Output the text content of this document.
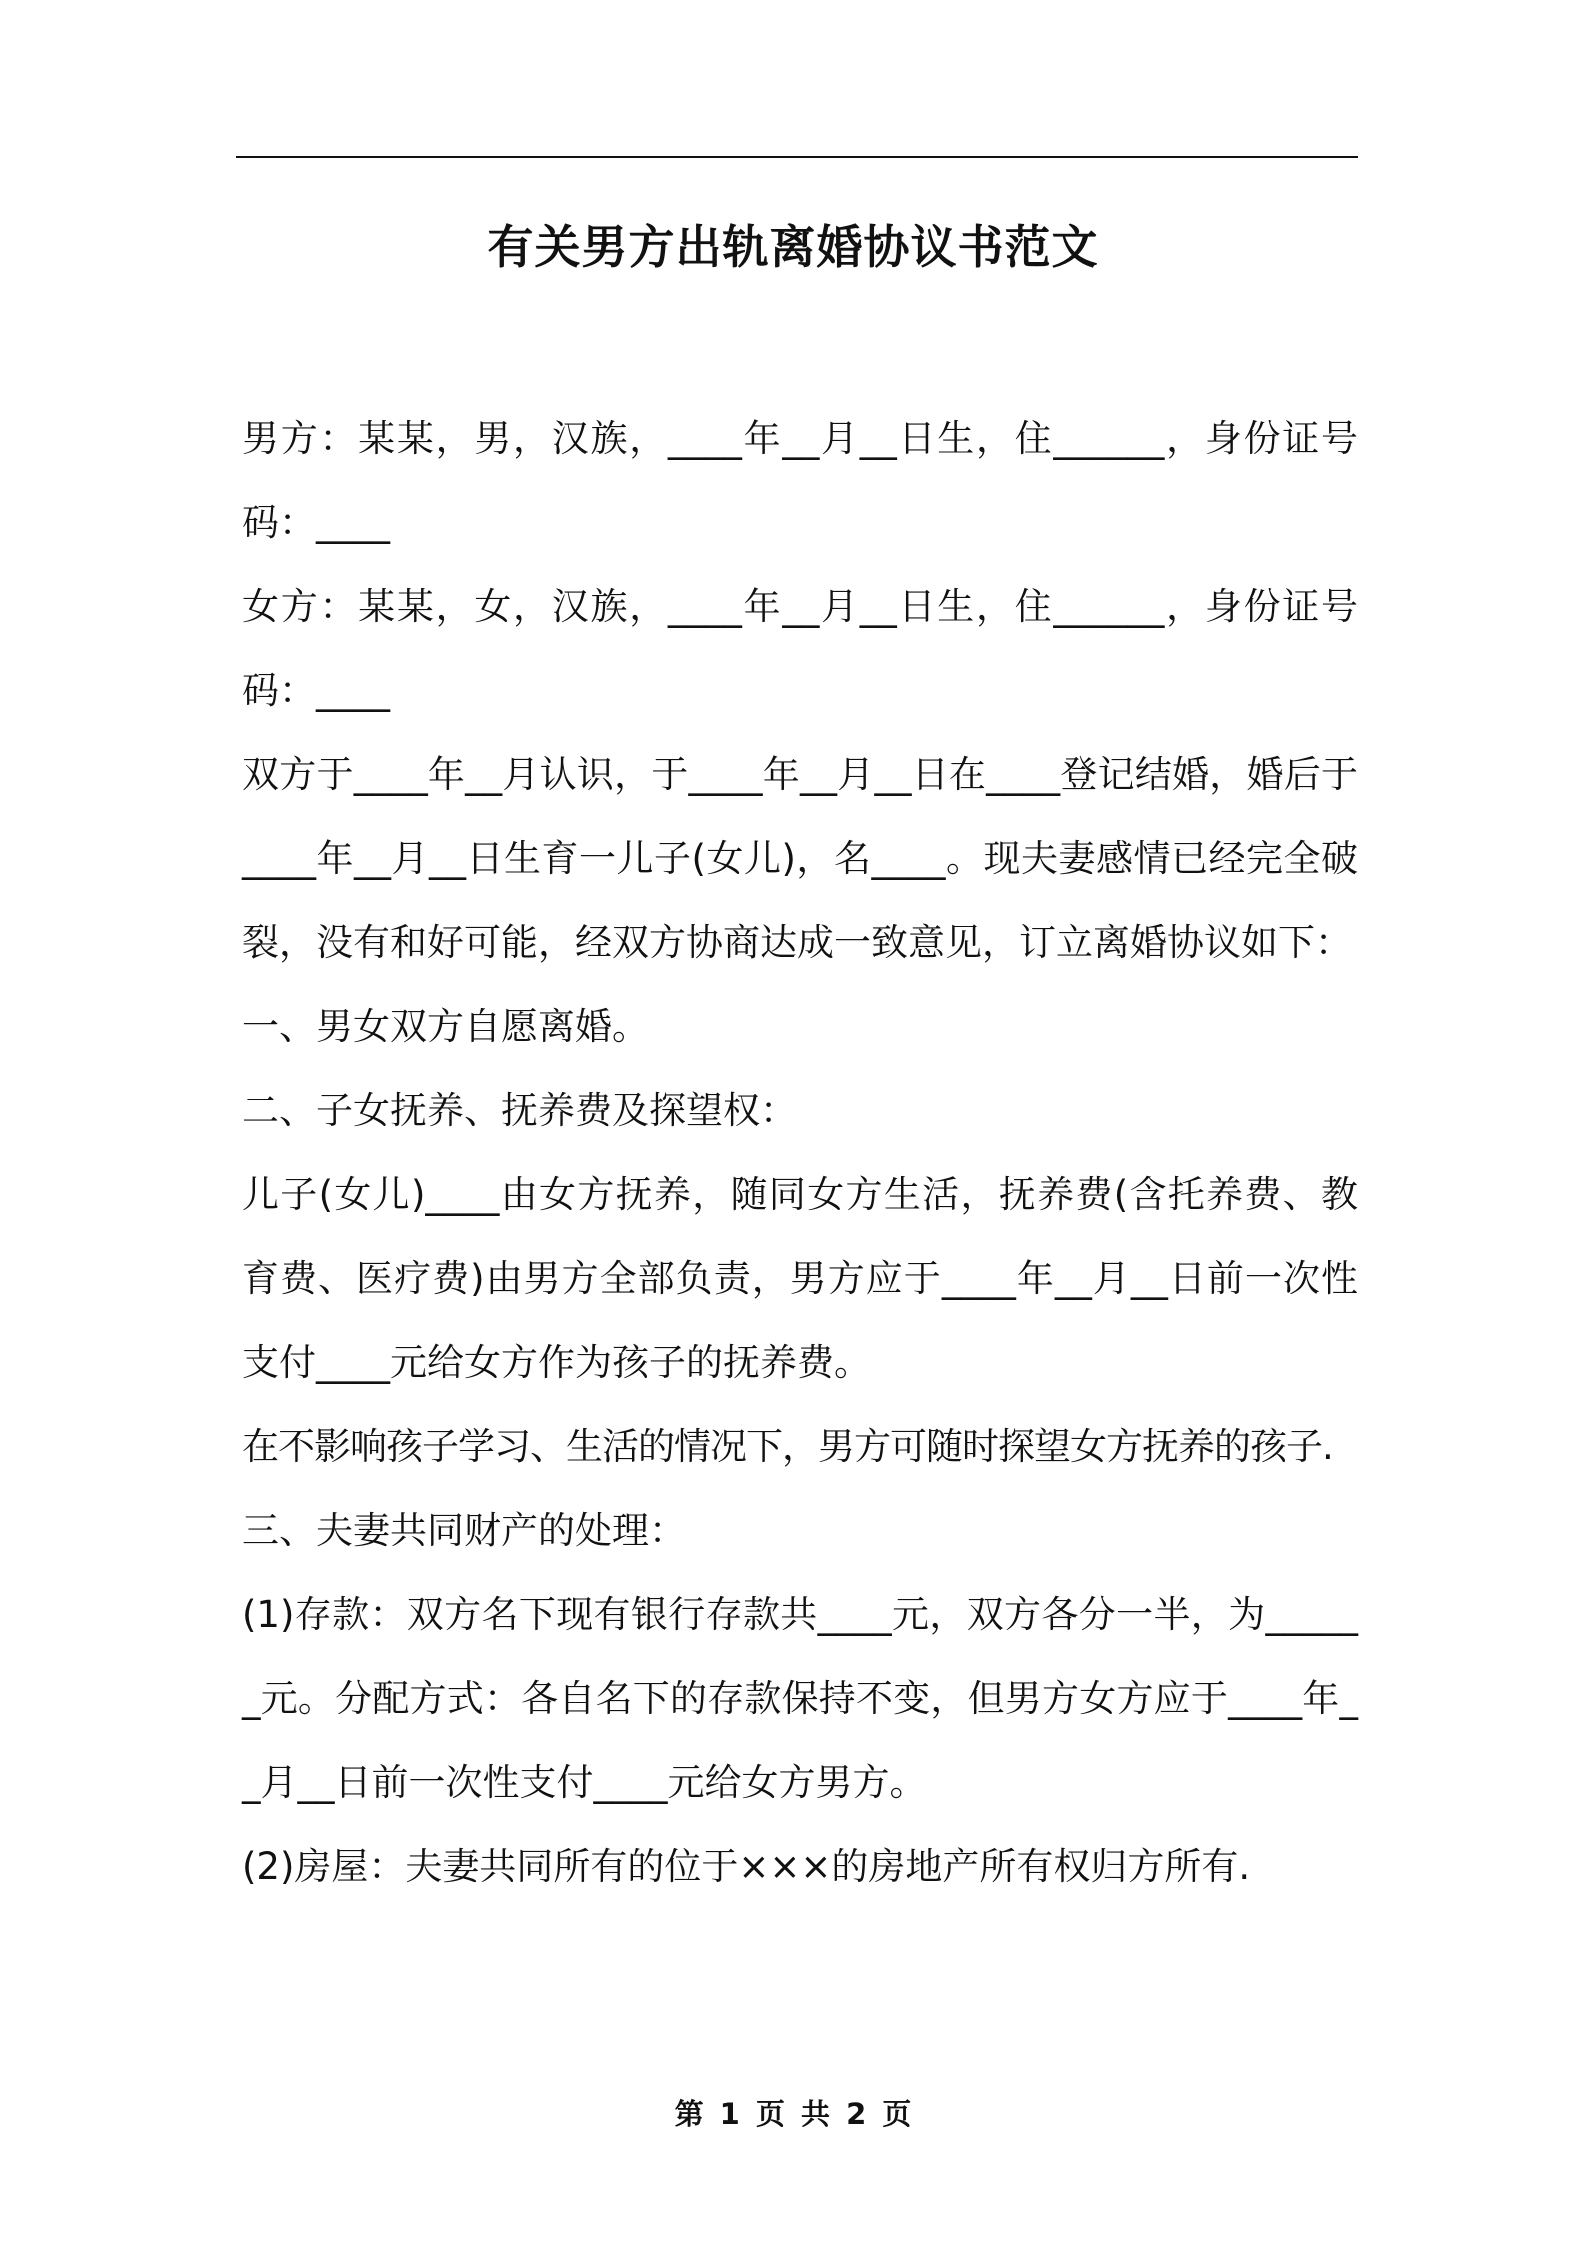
有关男方出轨离婚协议书范文

男方：某某，男，汉族，____年__月__日生，住______，身份证号码：____

女方：某某，女，汉族，____年__月__日生，住______，身份证号码：____

双方于____年__月认识，于____年__月__日在____登记结婚，婚后于____年__月__日生育一儿子(女儿)，名____。现夫妻感情已经完全破裂，没有和好可能，经双方协商达成一致意见，订立离婚协议如下：

一、男女双方自愿离婚。

二、子女抚养、抚养费及探望权：

儿子(女儿)____由女方抚养，随同女方生活，抚养费(含托养费、教育费、医疗费)由男方全部负责，男方应于____年__月__日前一次性支付____元给女方作为孩子的抚养费。

在不影响孩子学习、生活的情况下，男方可随时探望女方抚养的孩子.

三、夫妻共同财产的处理：

(1)存款：双方名下现有银行存款共____元，双方各分一半，为______元。分配方式：各自名下的存款保持不变，但男方女方应于____年__月__日前一次性支付____元给女方男方。

(2)房屋：夫妻共同所有的位于×××的房地产所有权归方所有.

第 1 页 共 2 页
